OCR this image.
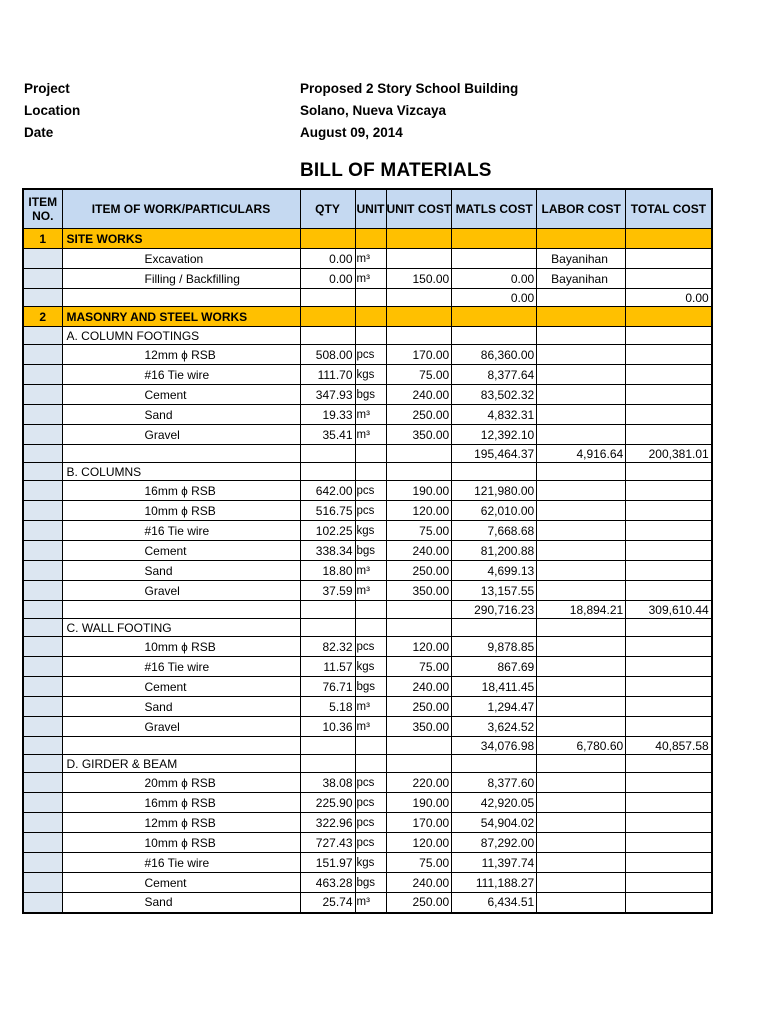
Project	Proposed 2 Story School Building
Location	Solano, Nueva Vizcaya
Date	August 09, 2014
BILL OF MATERIALS
ITEM NO.	ITEM OF WORK/PARTICULARS	QTY	UNIT	UNIT COST	MATLS COST	LABOR COST	TOTAL COST
1	SITE WORKS						
	Excavation	0.00	m³			Bayanihan	
	Filling / Backfilling	0.00	m³	150.00	0.00	Bayanihan	
					0.00		0.00
2	MASONRY AND STEEL WORKS						
	A. COLUMN FOOTINGS						
	12mm ɸ RSB	508.00	pcs	170.00	86,360.00		
	#16 Tie wire	111.70	kgs	75.00	8,377.64		
	Cement	347.93	bgs	240.00	83,502.32		
	Sand	19.33	m³	250.00	4,832.31		
	Gravel	35.41	m³	350.00	12,392.10		
					195,464.37	4,916.64	200,381.01
	B. COLUMNS						
	16mm ɸ RSB	642.00	pcs	190.00	121,980.00		
	10mm ɸ RSB	516.75	pcs	120.00	62,010.00		
	#16 Tie wire	102.25	kgs	75.00	7,668.68		
	Cement	338.34	bgs	240.00	81,200.88		
	Sand	18.80	m³	250.00	4,699.13		
	Gravel	37.59	m³	350.00	13,157.55		
					290,716.23	18,894.21	309,610.44
	C. WALL FOOTING						
	10mm ɸ RSB	82.32	pcs	120.00	9,878.85		
	#16 Tie wire	11.57	kgs	75.00	867.69		
	Cement	76.71	bgs	240.00	18,411.45		
	Sand	5.18	m³	250.00	1,294.47		
	Gravel	10.36	m³	350.00	3,624.52		
					34,076.98	6,780.60	40,857.58
	D. GIRDER & BEAM						
	20mm ɸ RSB	38.08	pcs	220.00	8,377.60		
	16mm ɸ RSB	225.90	pcs	190.00	42,920.05		
	12mm ɸ RSB	322.96	pcs	170.00	54,904.02		
	10mm ɸ RSB	727.43	pcs	120.00	87,292.00		
	#16 Tie wire	151.97	kgs	75.00	11,397.74		
	Cement	463.28	bgs	240.00	111,188.27		
	Sand	25.74	m³	250.00	6,434.51		
